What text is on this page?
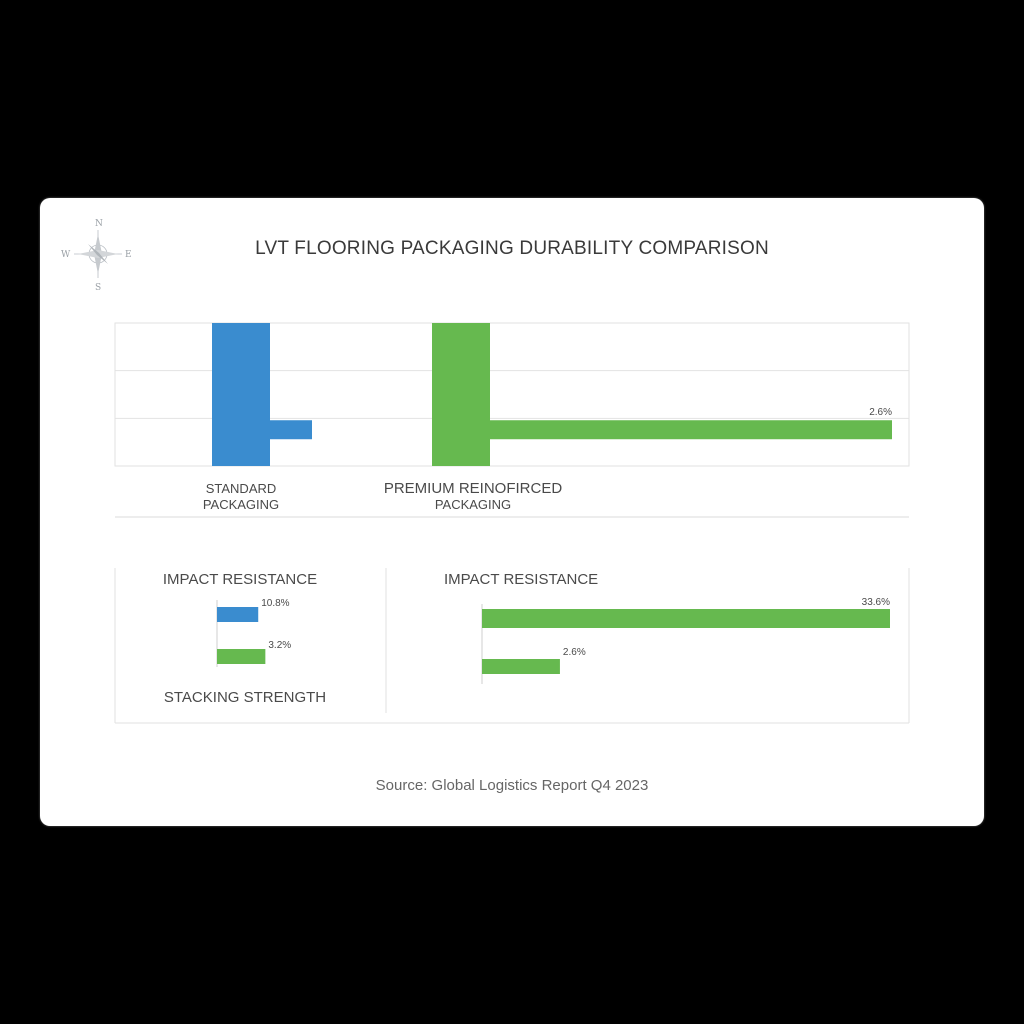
N
S
E
W	LVT FLOORING PACKAGING DURABILITY COMPARISON
STANDARD
PACKAGING
2.6%
PREMIUM REINOFIRCED
PACKAGING
IMPACT RESISTANCE
10.8%
3.2%
STACKING STRENGTH
IMPACT RESISTANCE
33.6%
2.6%
Source: Global Logistics Report Q4 2023
